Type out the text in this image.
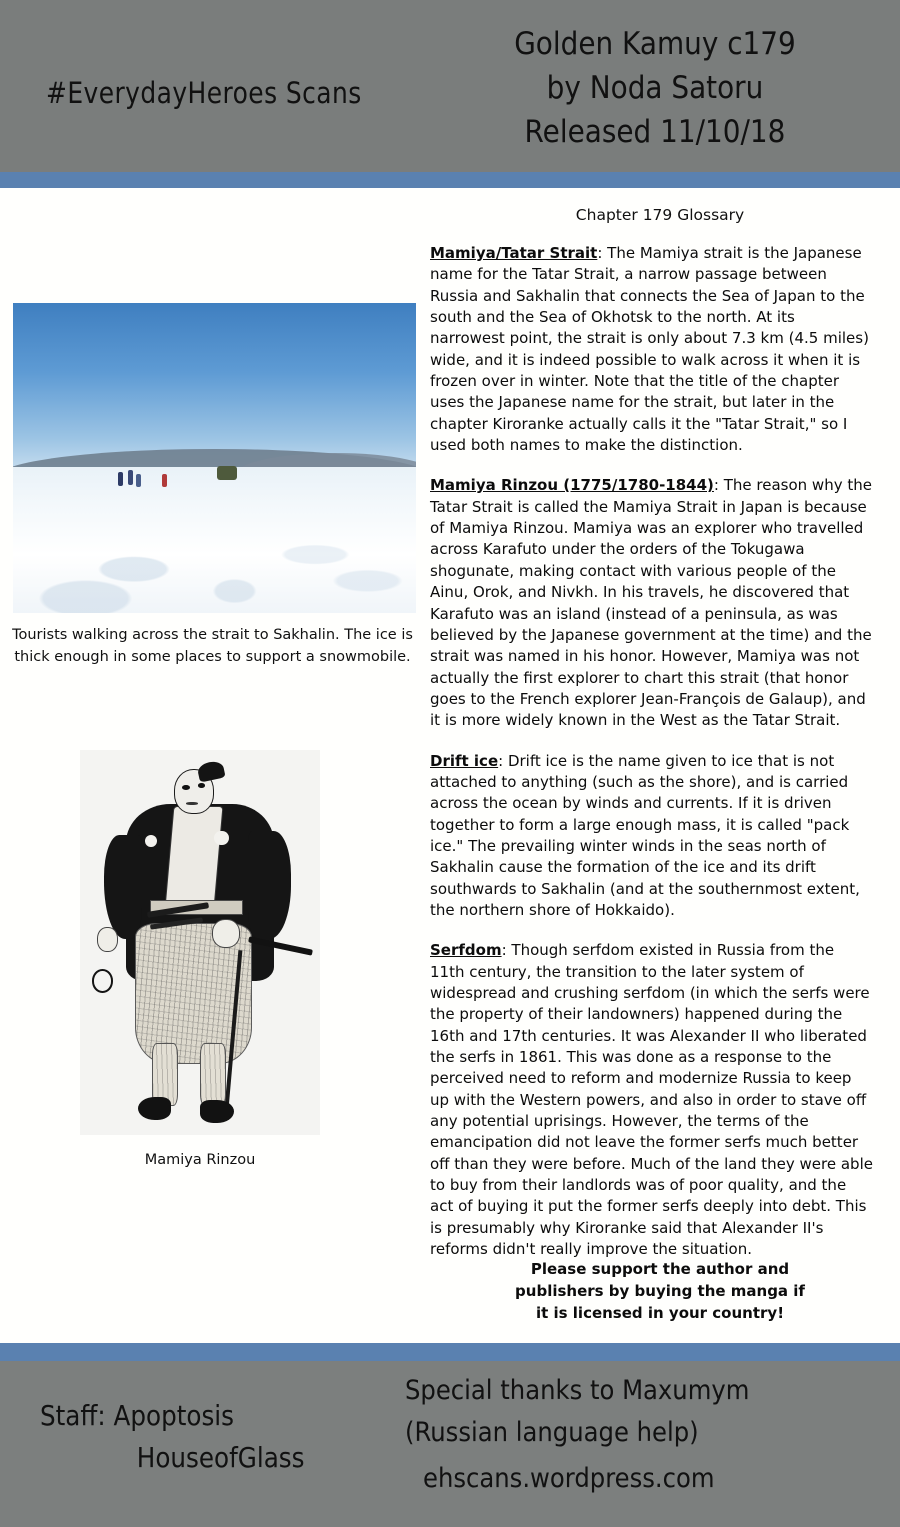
#EverydayHeroes Scans
Golden Kamuy c179
by Noda Satoru
Released 11/10/18
Tourists walking across the strait to Sakhalin. The ice is thick enough in some places to support a snowmobile.
Mamiya Rinzou
Chapter 179 Glossary

Mamiya/Tatar Strait: The Mamiya strait is the Japanese name for the Tatar Strait, a narrow passage between Russia and Sakhalin that connects the Sea of Japan to the south and the Sea of Okhotsk to the north. At its narrowest point, the strait is only about 7.3 km (4.5 miles) wide, and it is indeed possible to walk across it when it is frozen over in winter. Note that the title of the chapter uses the Japanese name for the strait, but later in the chapter Kiroranke actually calls it the "Tatar Strait," so I used both names to make the distinction.

Mamiya Rinzou (1775/1780-1844): The reason why the Tatar Strait is called the Mamiya Strait in Japan is because of Mamiya Rinzou. Mamiya was an explorer who travelled across Karafuto under the orders of the Tokugawa shogunate, making contact with various people of the Ainu, Orok, and Nivkh. In his travels, he discovered that Karafuto was an island (instead of a peninsula, as was believed by the Japanese government at the time) and the strait was named in his honor. However, Mamiya was not actually the first explorer to chart this strait (that honor goes to the French explorer Jean-François de Galaup), and it is more widely known in the West as the Tatar Strait.

Drift ice: Drift ice is the name given to ice that is not attached to anything (such as the shore), and is carried across the ocean by winds and currents. If it is driven together to form a large enough mass, it is called "pack ice." The prevailing winter winds in the seas north of Sakhalin cause the formation of the ice and its drift southwards to Sakhalin (and at the southernmost extent, the northern shore of Hokkaido).

Serfdom: Though serfdom existed in Russia from the 11th century, the transition to the later system of widespread and crushing serfdom (in which the serfs were the property of their landowners) happened during the 16th and 17th centuries. It was Alexander II who liberated the serfs in 1861. This was done as a response to the perceived need to reform and modernize Russia to keep up with the Western powers, and also in order to stave off any potential uprisings. However, the terms of the emancipation did not leave the former serfs much better off than they were before. Much of the land they were able to buy from their landlords was of poor quality, and the act of buying it put the former serfs deeply into debt. This is presumably why Kiroranke said that Alexander II's reforms didn't really improve the situation.

Please support the author and
publishers by buying the manga if
it is licensed in your country!
Staff: Apoptosis
HouseofGlass
Special thanks to Maxumym
(Russian language help)
ehscans.wordpress.com
